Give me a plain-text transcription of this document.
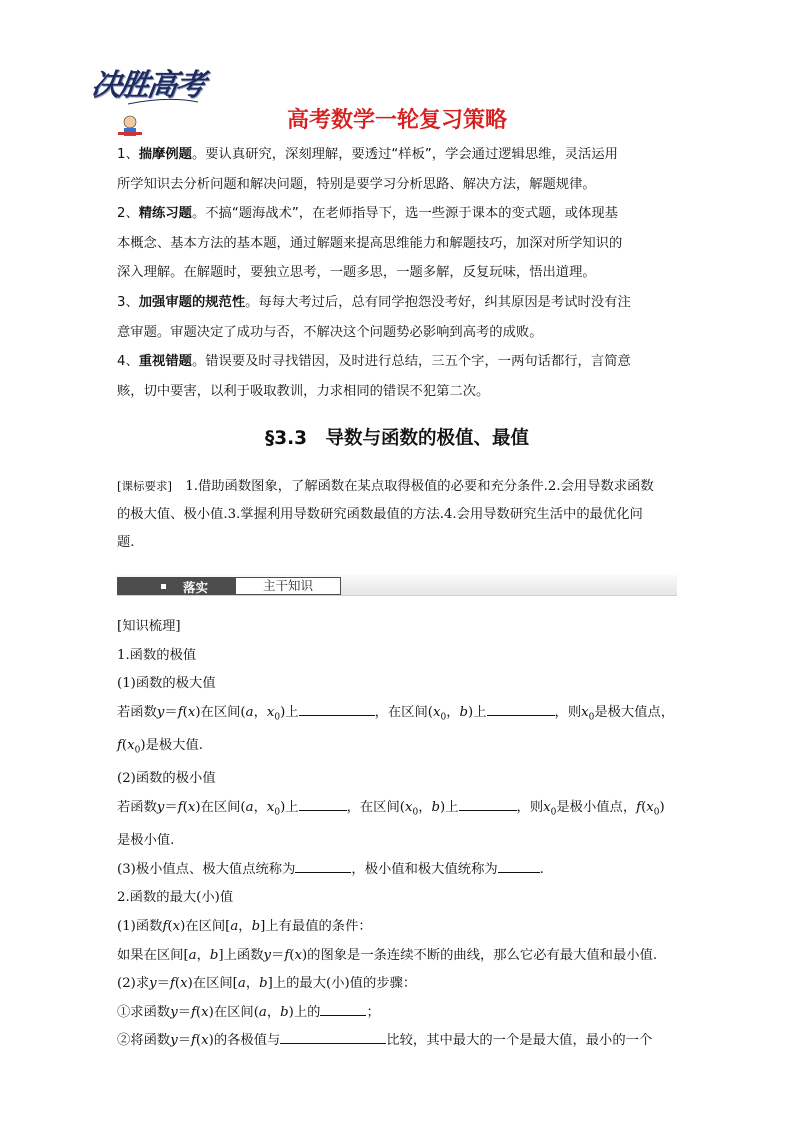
决胜高考
高考数学一轮复习策略

1、揣摩例题。要认真研究，深刻理解，要透过“样板”，学会通过逻辑思维，灵活运用

所学知识去分析问题和解决问题，特别是要学习分析思路、解决方法，解题规律。

2、精练习题。不搞“题海战术”，在老师指导下，选一些源于课本的变式题，或体现基

本概念、基本方法的基本题，通过解题来提高思维能力和解题技巧，加深对所学知识的

深入理解。在解题时，要独立思考，一题多思，一题多解，反复玩味，悟出道理。

3、加强审题的规范性。每每大考过后，总有同学抱怨没考好，纠其原因是考试时没有注

意审题。审题决定了成功与否，不解决这个问题势必影响到高考的成败。

4、重视错题。错误要及时寻找错因，及时进行总结，三五个字，一两句话都行，言简意

赅，切中要害，以利于吸取教训，力求相同的错误不犯第二次。

§3.3　导数与函数的极值、最值

[课标要求]　1.借助函数图象，了解函数在某点取得极值的必要和充分条件.2.会用导数求函数

的极大值、极小值.3.掌握利用导数研究函数最值的方法.4.会用导数研究生活中的最优化问

题.

落实	主干知识

[知识梳理]

1.函数的极值

(1)函数的极大值

若函数y＝f(x)在区间(a，$x_0$)上	，在区间($x_0$，b)上	，则$x_0$是极大值点，

$f(x_0)$是极大值.

(2)函数的极小值

若函数y＝f(x)在区间(a，$x_0$)上	，在区间($x_0$，b)上	，则$x_0$是极小值点，$f(x_0)$

是极小值.

(3)极小值点、极大值点统称为	，极小值和极大值统称为	.

2.函数的最大(小)值

(1)函数f(x)在区间[a，b]上有最值的条件：

如果在区间[a，b]上函数y＝f(x)的图象是一条连续不断的曲线，那么它必有最大值和最小值.

(2)求y＝f(x)在区间[a，b]上的最大(小)值的步骤：

①求函数y＝f(x)在区间(a，b)上的	；

②将函数y＝f(x)的各极值与	比较，其中最大的一个是最大值，最小的一个
